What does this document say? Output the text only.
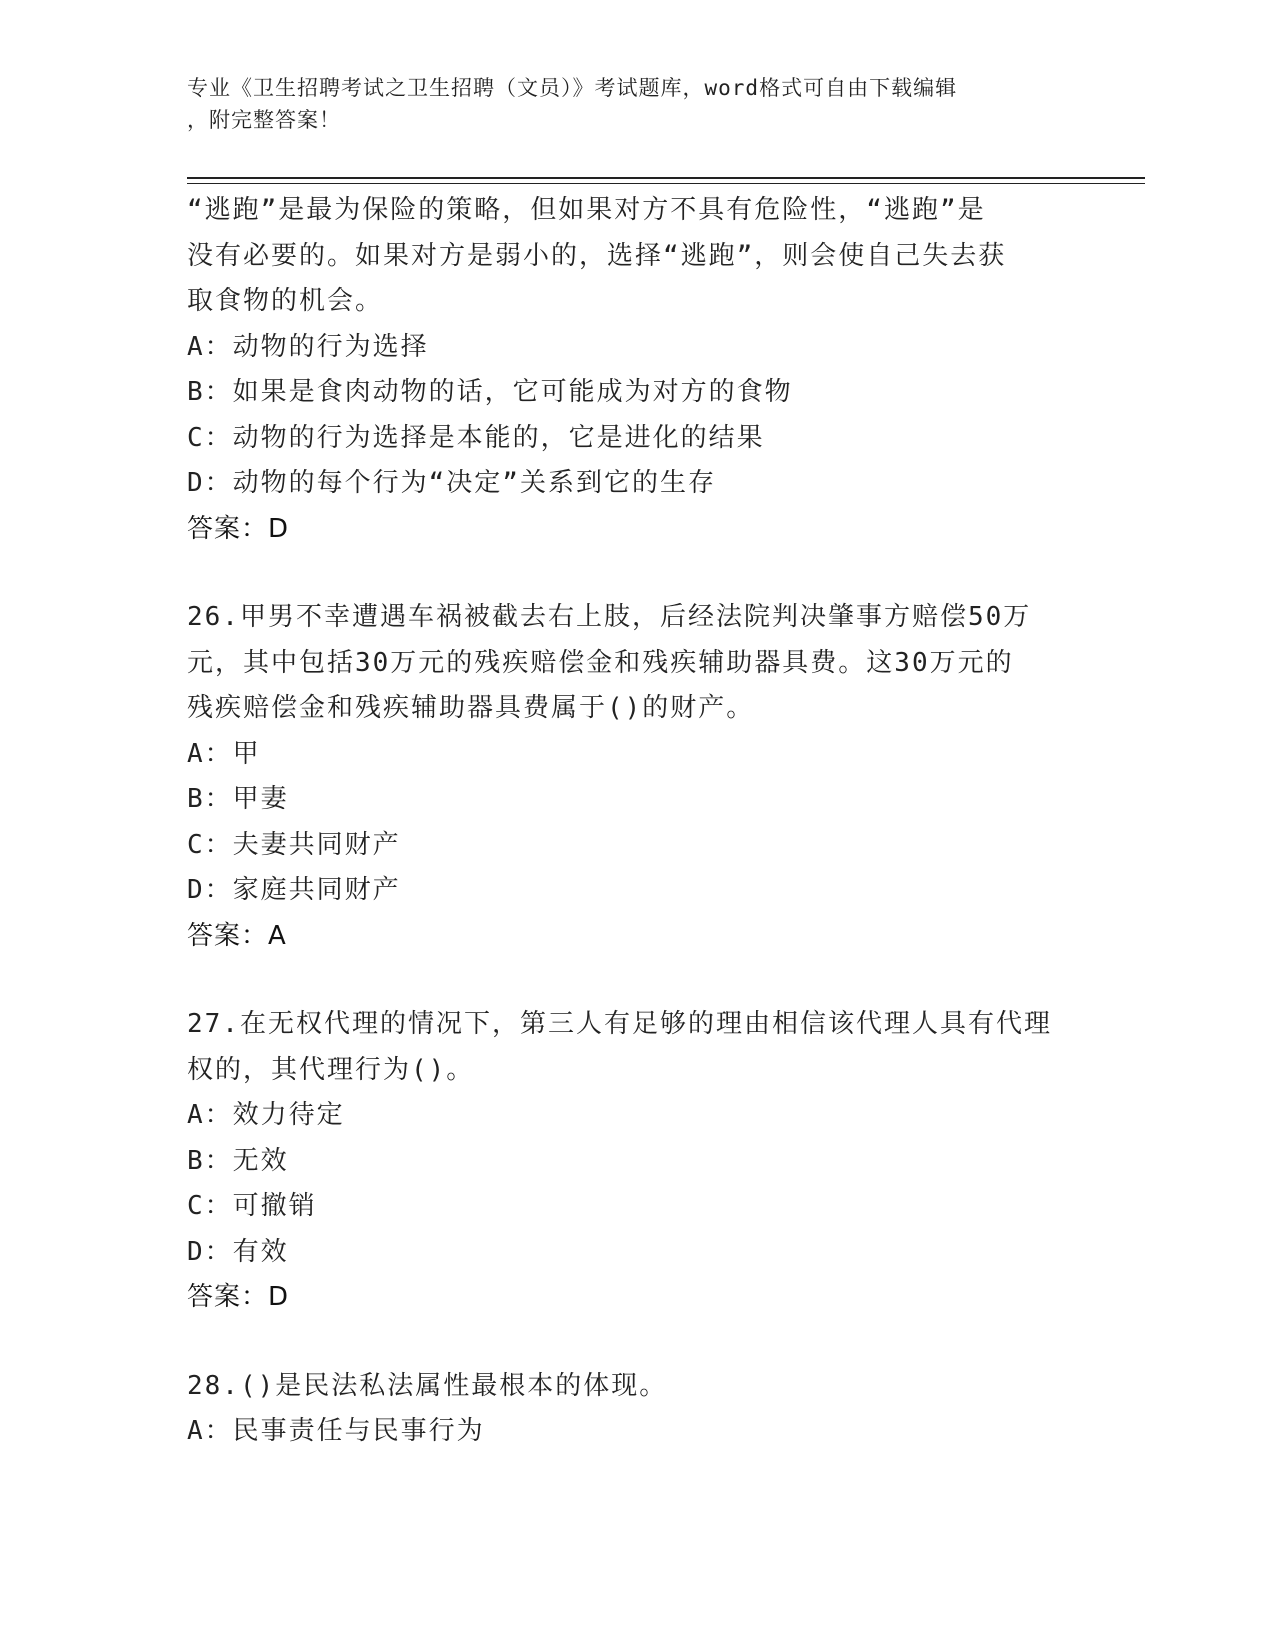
专业《卫生招聘考试之卫生招聘（文员）》考试题库，word格式可自由下载编辑
，附完整答案！

“逃跑”是最为保险的策略，但如果对方不具有危险性，“逃跑”是

没有必要的。如果对方是弱小的，选择“逃跑”，则会使自己失去获

取食物的机会。

A：动物的行为选择

B：如果是食肉动物的话，它可能成为对方的食物

C：动物的行为选择是本能的，它是进化的结果

D：动物的每个行为“决定”关系到它的生存

答案：D

26.甲男不幸遭遇车祸被截去右上肢，后经法院判决肇事方赔偿50万

元，其中包括30万元的残疾赔偿金和残疾辅助器具费。这30万元的

残疾赔偿金和残疾辅助器具费属于()的财产。

A：甲

B：甲妻

C：夫妻共同财产

D：家庭共同财产

答案：A

27.在无权代理的情况下，第三人有足够的理由相信该代理人具有代理

权的，其代理行为()。

A：效力待定

B：无效

C：可撤销

D：有效

答案：D

28.()是民法私法属性最根本的体现。

A：民事责任与民事行为
